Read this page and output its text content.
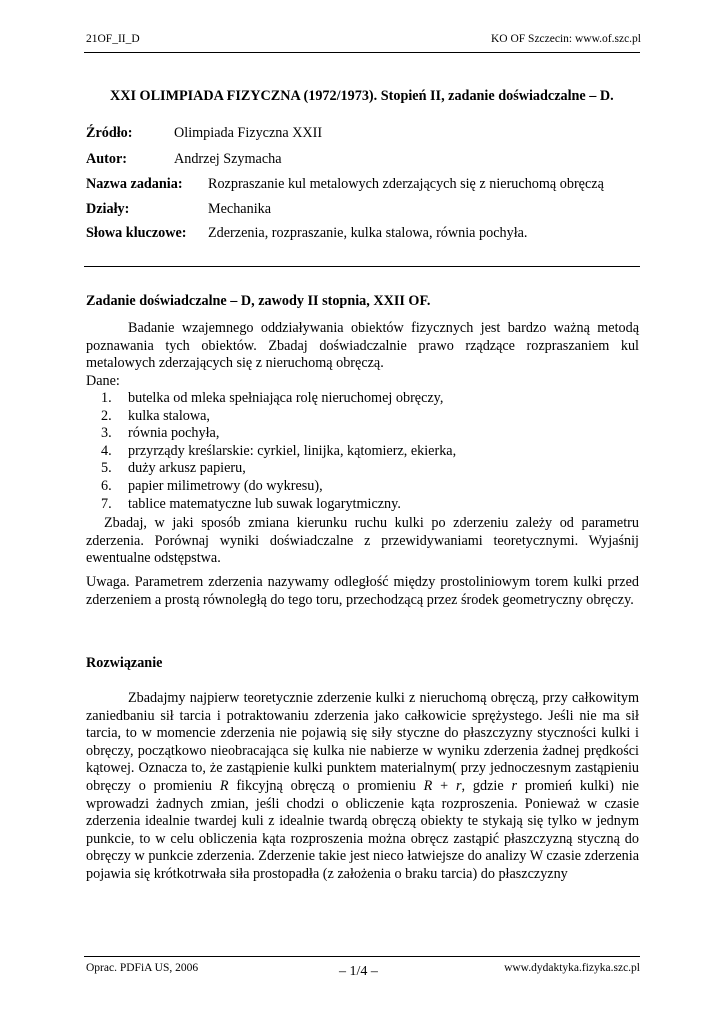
21OF_II_D	KO OF Szczecin: www.of.szc.pl
XXI OLIMPIADA FIZYCZNA (1972/1973). Stopień II, zadanie doświadczalne – D.
Źródło:	Olimpiada Fizyczna XXII
Autor:	Andrzej Szymacha
Nazwa zadania: Rozpraszanie kul metalowych zderzających się z nieruchomą obręczą
Działy:	Mechanika
Słowa kluczowe: Zderzenia, rozpraszanie, kulka stalowa, równia pochyła.
Zadanie doświadczalne – D, zawody II stopnia, XXII OF.
Badanie wzajemnego oddziaływania obiektów fizycznych jest bardzo ważną metodą poznawania tych obiektów. Zbadaj doświadczalnie prawo rządzące rozpraszaniem kul metalowych zderzających się z nieruchomą obręczą.
Dane:
1.	butelka od mleka spełniająca rolę nieruchomej obręczy,
2.	kulka stalowa,
3.	równia pochyła,
4.	przyrządy kreślarskie: cyrkiel, linijka, kątomierz, ekierka,
5.	duży arkusz papieru,
6.	papier milimetrowy (do wykresu),
7.	tablice matematyczne lub suwak logarytmiczny.
Zbadaj, w jaki sposób zmiana kierunku ruchu kulki po zderzeniu zależy od parametru zderzenia. Porównaj wyniki doświadczalne z przewidywaniami teoretycznymi. Wyjaśnij ewentualne odstępstwa.
Uwaga. Parametrem zderzenia nazywamy odległość między prostoliniowym torem kulki przed zderzeniem a prostą równoległą do tego toru, przechodzącą przez środek geometryczny obręczy.
Rozwiązanie
Zbadajmy najpierw teoretycznie zderzenie kulki z nieruchomą obręczą, przy całkowitym zaniedbaniu sił tarcia i potraktowaniu zderzenia jako całkowicie sprężystego. Jeśli nie ma sił tarcia, to w momencie zderzenia nie pojawią się siły styczne do płaszczyzny styczności kulki i obręczy, początkowo nieobracająca się kulka nie nabierze w wyniku zderzenia żadnej prędkości kątowej. Oznacza to, że zastąpienie kulki punktem materialnym( przy jednoczesnym zastąpieniu obręczy o promieniu R fikcyjną obręczą o promieniu R + r, gdzie r promień kulki) nie wprowadzi żadnych zmian, jeśli chodzi o obliczenie kąta rozproszenia. Ponieważ w czasie zderzenia idealnie twardej kuli z idealnie twardą obręczą obiekty te stykają się tylko w jednym punkcie, to w celu obliczenia kąta rozproszenia można obręcz zastąpić płaszczyzną styczną do obręczy w punkcie zderzenia. Zderzenie takie jest nieco łatwiejsze do analizy W czasie zderzenia pojawia się krótkotrwała siła prostopadła (z założenia o braku tarcia) do płaszczyzny
Oprac. PDFiA US, 2006	– 1/4 –	www.dydaktyka.fizyka.szc.pl
